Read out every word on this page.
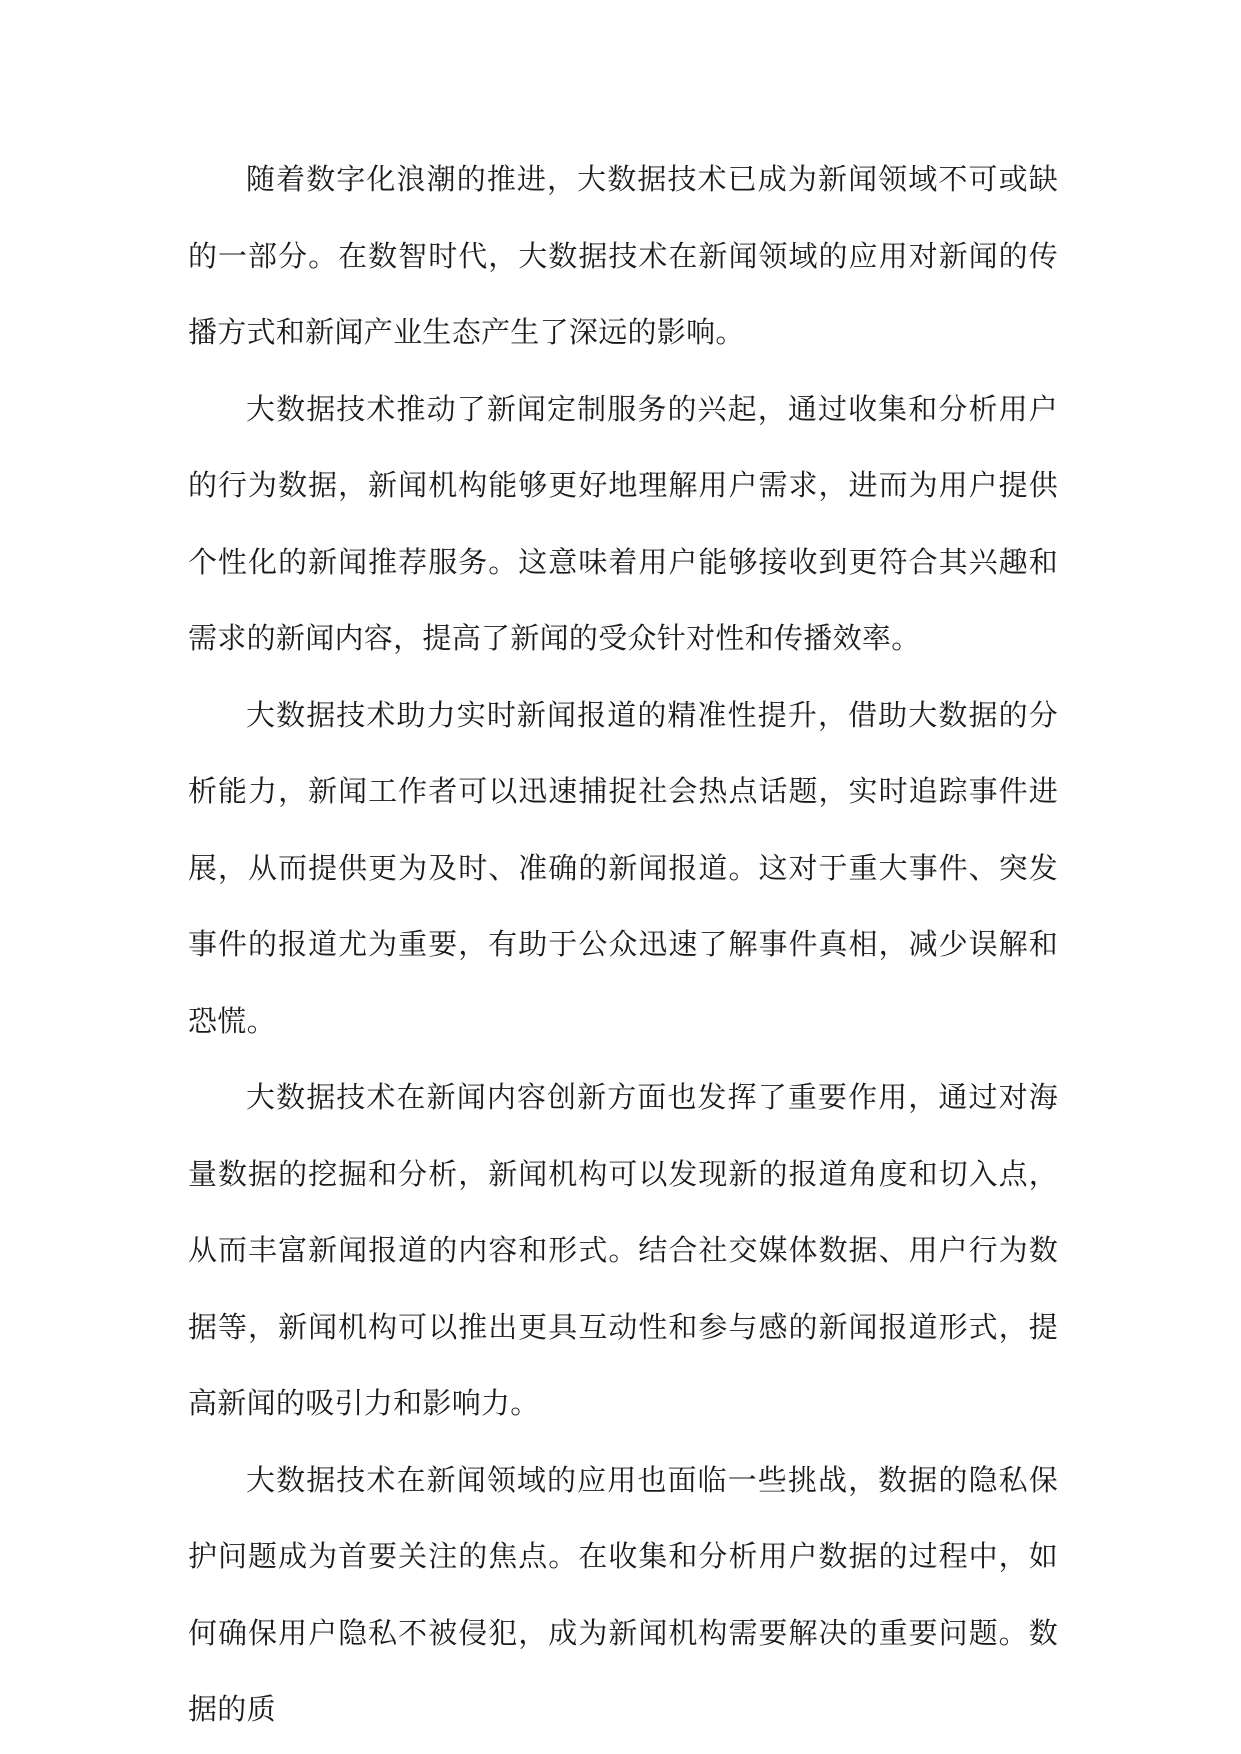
随着数字化浪潮的推进，大数据技术已成为新闻领域不可或缺的一部分。在数智时代，大数据技术在新闻领域的应用对新闻的传播方式和新闻产业生态产生了深远的影响。

大数据技术推动了新闻定制服务的兴起，通过收集和分析用户的行为数据，新闻机构能够更好地理解用户需求，进而为用户提供个性化的新闻推荐服务。这意味着用户能够接收到更符合其兴趣和需求的新闻内容，提高了新闻的受众针对性和传播效率。

大数据技术助力实时新闻报道的精准性提升，借助大数据的分析能力，新闻工作者可以迅速捕捉社会热点话题，实时追踪事件进展，从而提供更为及时、准确的新闻报道。这对于重大事件、突发事件的报道尤为重要，有助于公众迅速了解事件真相，减少误解和恐慌。

大数据技术在新闻内容创新方面也发挥了重要作用，通过对海量数据的挖掘和分析，新闻机构可以发现新的报道角度和切入点，从而丰富新闻报道的内容和形式。结合社交媒体数据、用户行为数据等，新闻机构可以推出更具互动性和参与感的新闻报道形式，提高新闻的吸引力和影响力。

大数据技术在新闻领域的应用也面临一些挑战，数据的隐私保护问题成为首要关注的焦点。在收集和分析用户数据的过程中，如何确保用户隐私不被侵犯，成为新闻机构需要解决的重要问题。数据的质
